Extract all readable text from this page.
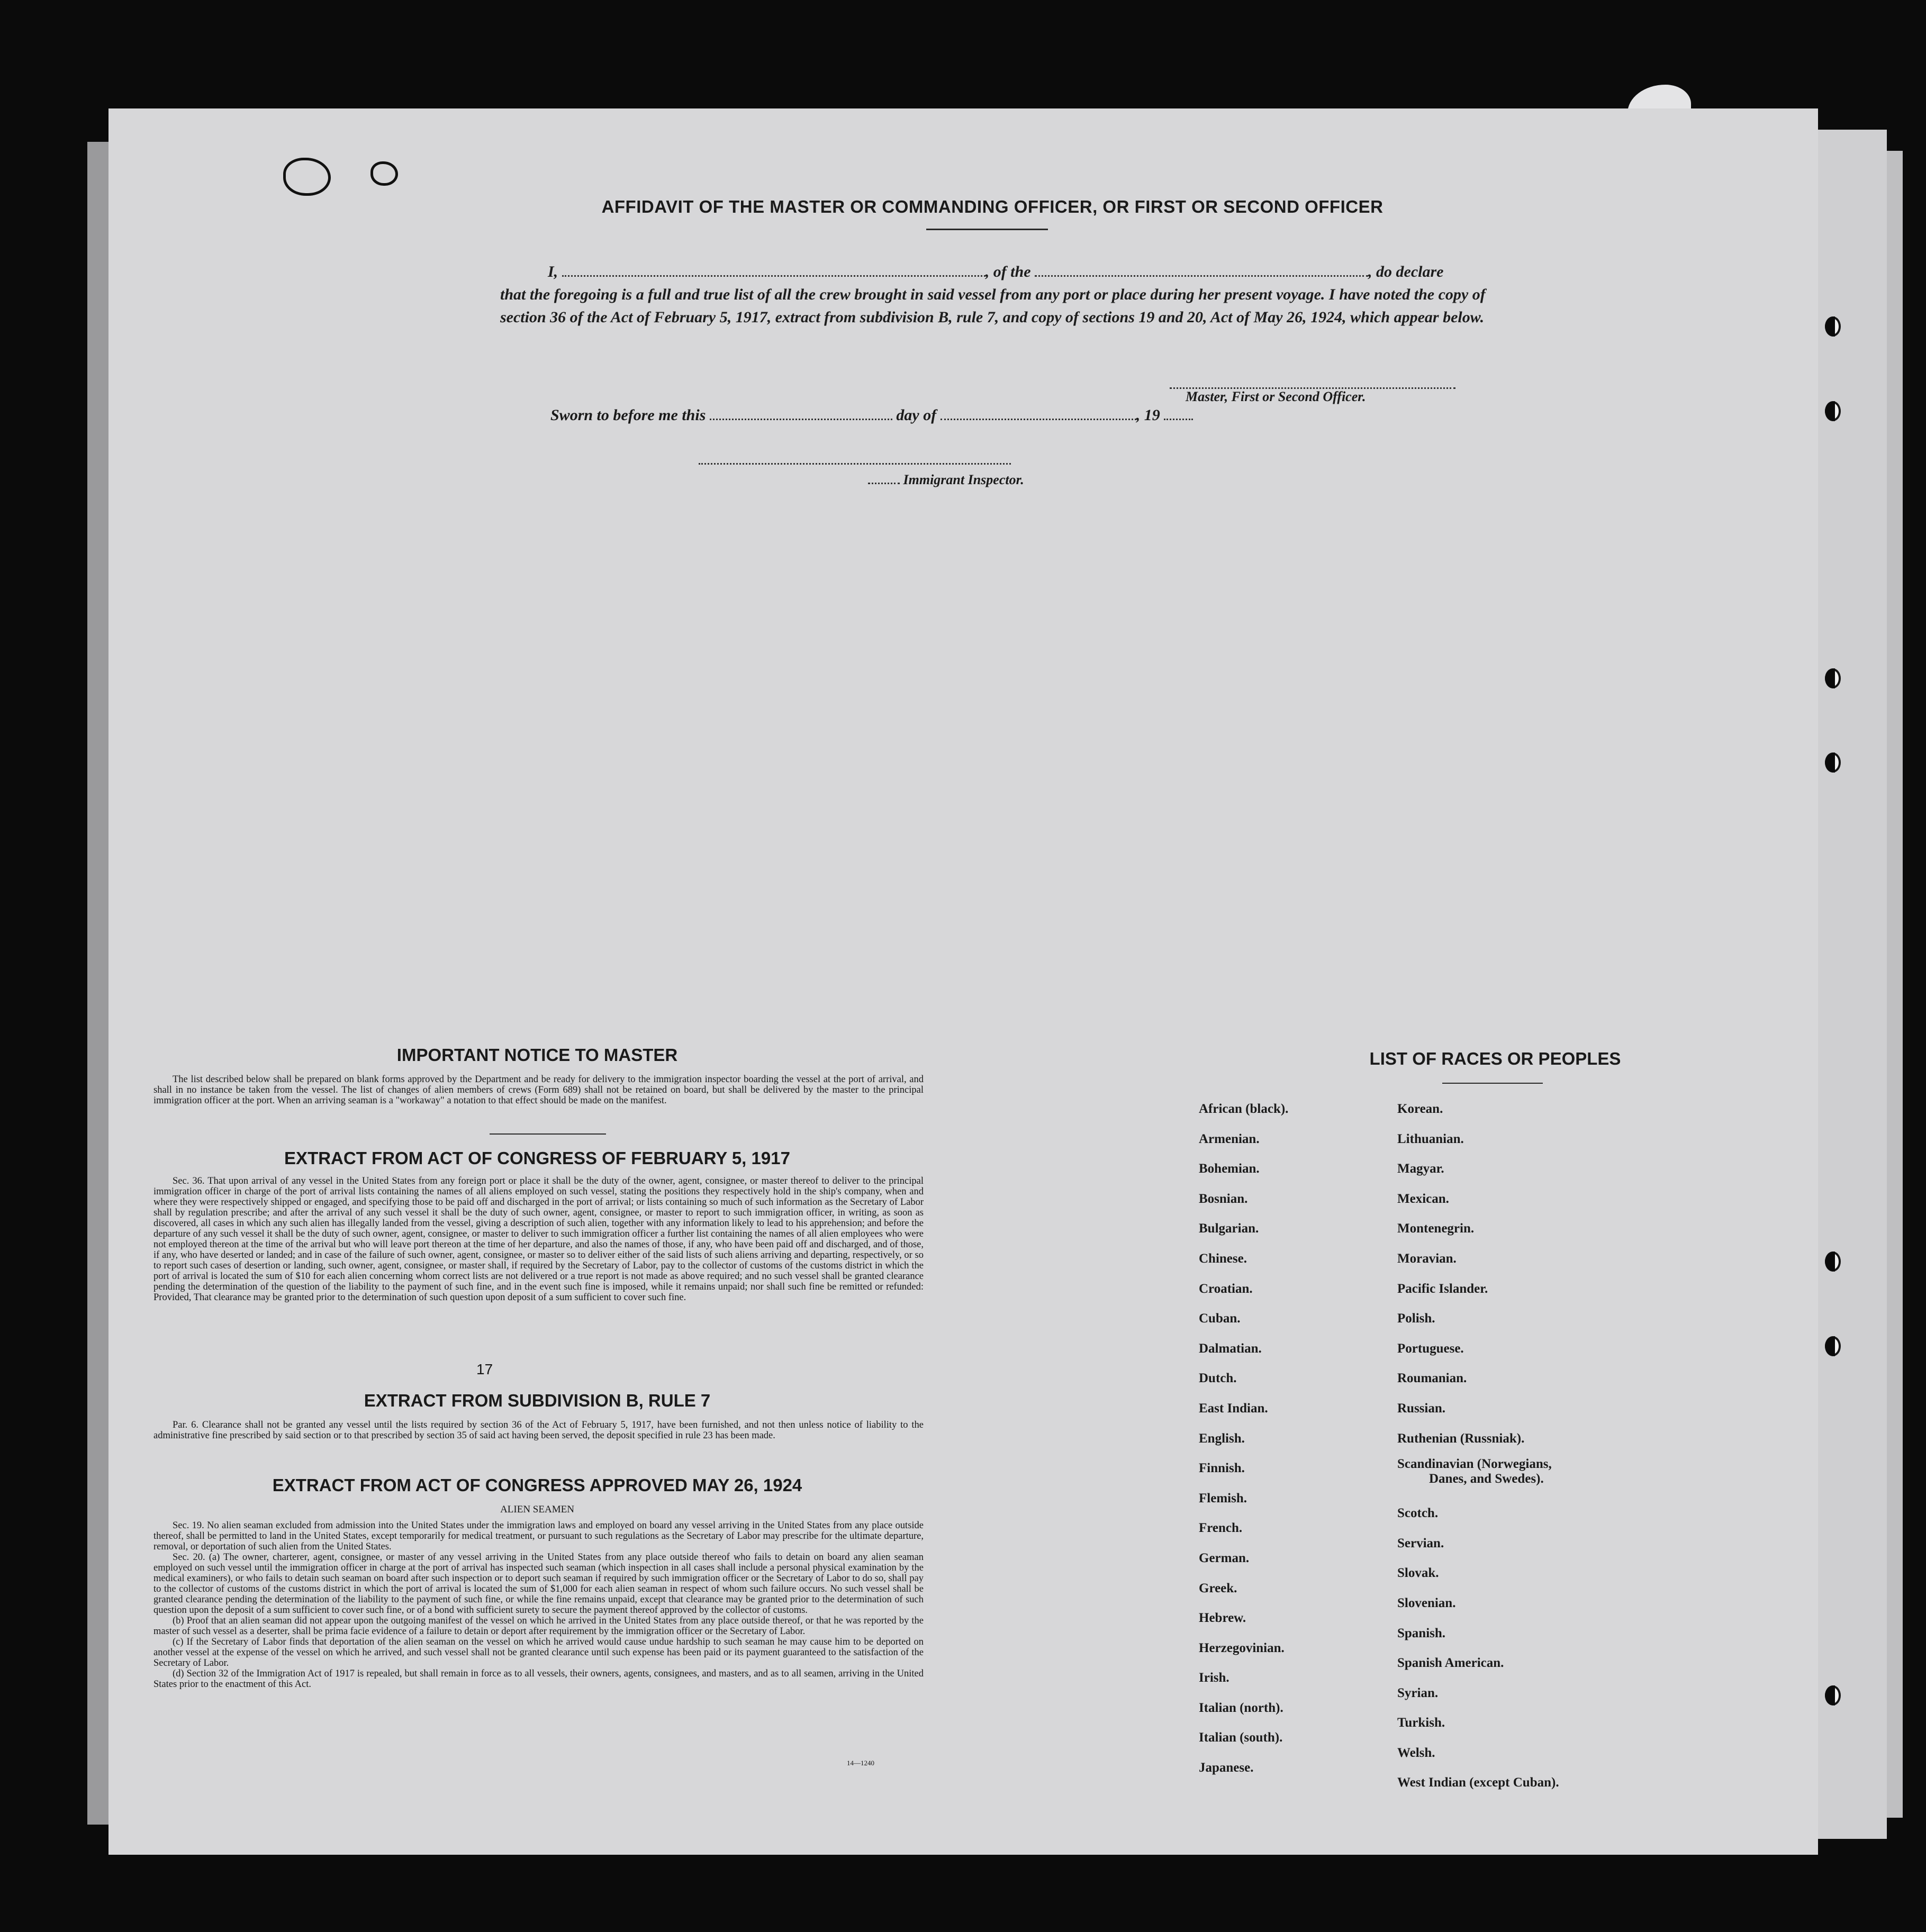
AFFIDAVIT OF THE MASTER OR COMMANDING OFFICER, OR FIRST OR SECOND OFFICER
I,	, of the	, do declare
that the foregoing is a full and true list of all the crew brought in said vessel from any port or place during her present voyage. I have noted the copy of section 36 of the Act of February 5, 1917, extract from subdivision B, rule 7, and copy of sections 19 and 20, Act of May 26, 1924, which appear below.
Master, First or Second Officer.
Sworn to before me this	day of	, 19
Immigrant Inspector.
IMPORTANT NOTICE TO MASTER

The list described below shall be prepared on blank forms approved by the Department and be ready for delivery to the immigration inspector boarding the vessel at the port of arrival, and shall in no instance be taken from the vessel. The list of changes of alien members of crews (Form 689) shall not be retained on board, but shall be delivered by the master to the principal immigration officer at the port. When an arriving seaman is a "workaway" a notation to that effect should be made on the manifest.

EXTRACT FROM ACT OF CONGRESS OF FEBRUARY 5, 1917

Sec. 36. That upon arrival of any vessel in the United States from any foreign port or place it shall be the duty of the owner, agent, consignee, or master thereof to deliver to the principal immigration officer in charge of the port of arrival lists containing the names of all aliens employed on such vessel, stating the positions they respectively hold in the ship's company, when and where they were respectively shipped or engaged, and specifying those to be paid off and discharged in the port of arrival; or lists containing so much of such information as the Secretary of Labor shall by regulation prescribe; and after the arrival of any such vessel it shall be the duty of such owner, agent, consignee, or master to report to such immigration officer, in writing, as soon as discovered, all cases in which any such alien has illegally landed from the vessel, giving a description of such alien, together with any information likely to lead to his apprehension; and before the departure of any such vessel it shall be the duty of such owner, agent, consignee, or master to deliver to such immigration officer a further list containing the names of all alien employees who were not employed thereon at the time of the arrival but who will leave port thereon at the time of her departure, and also the names of those, if any, who have been paid off and discharged, and of those, if any, who have deserted or landed; and in case of the failure of such owner, agent, consignee, or master so to deliver either of the said lists of such aliens arriving and departing, respectively, or so to report such cases of desertion or landing, such owner, agent, consignee, or master shall, if required by the Secretary of Labor, pay to the collector of customs of the customs district in which the port of arrival is located the sum of $10 for each alien concerning whom correct lists are not delivered or a true report is not made as above required; and no such vessel shall be granted clearance pending the determination of the question of the liability to the payment of such fine, and in the event such fine is imposed, while it remains unpaid; nor shall such fine be remitted or refunded: Provided, That clearance may be granted prior to the determination of such question upon deposit of a sum sufficient to cover such fine.

17
EXTRACT FROM SUBDIVISION B, RULE 7

Par. 6. Clearance shall not be granted any vessel until the lists required by section 36 of the Act of February 5, 1917, have been furnished, and not then unless notice of liability to the administrative fine prescribed by said section or to that prescribed by section 35 of said act having been served, the deposit specified in rule 23 has been made.

EXTRACT FROM ACT OF CONGRESS APPROVED MAY 26, 1924
ALIEN SEAMEN

Sec. 19. No alien seaman excluded from admission into the United States under the immigration laws and employed on board any vessel arriving in the United States from any place outside thereof, shall be permitted to land in the United States, except temporarily for medical treatment, or pursuant to such regulations as the Secretary of Labor may prescribe for the ultimate departure, removal, or deportation of such alien from the United States.

Sec. 20. (a) The owner, charterer, agent, consignee, or master of any vessel arriving in the United States from any place outside thereof who fails to detain on board any alien seaman employed on such vessel until the immigration officer in charge at the port of arrival has inspected such seaman (which inspection in all cases shall include a personal physical examination by the medical examiners), or who fails to detain such seaman on board after such inspection or to deport such seaman if required by such immigration officer or the Secretary of Labor to do so, shall pay to the collector of customs of the customs district in which the port of arrival is located the sum of $1,000 for each alien seaman in respect of whom such failure occurs. No such vessel shall be granted clearance pending the determination of the liability to the payment of such fine, or while the fine remains unpaid, except that clearance may be granted prior to the determination of such question upon the deposit of a sum sufficient to cover such fine, or of a bond with sufficient surety to secure the payment thereof approved by the collector of customs.

(b) Proof that an alien seaman did not appear upon the outgoing manifest of the vessel on which he arrived in the United States from any place outside thereof, or that he was reported by the master of such vessel as a deserter, shall be prima facie evidence of a failure to detain or deport after requirement by the immigration officer or the Secretary of Labor.

(c) If the Secretary of Labor finds that deportation of the alien seaman on the vessel on which he arrived would cause undue hardship to such seaman he may cause him to be deported on another vessel at the expense of the vessel on which he arrived, and such vessel shall not be granted clearance until such expense has been paid or its payment guaranteed to the satisfaction of the Secretary of Labor.

(d) Section 32 of the Immigration Act of 1917 is repealed, but shall remain in force as to all vessels, their owners, agents, consignees, and masters, and as to all seamen, arriving in the United States prior to the enactment of this Act.

14—1240
LIST OF RACES OR PEOPLES
African (black).
Armenian.
Bohemian.
Bosnian.
Bulgarian.
Chinese.
Croatian.
Cuban.
Dalmatian.
Dutch.
East Indian.
English.
Finnish.
Flemish.
French.
German.
Greek.
Hebrew.
Herzegovinian.
Irish.
Italian (north).
Italian (south).
Japanese.
Korean.
Lithuanian.
Magyar.
Mexican.
Montenegrin.
Moravian.
Pacific Islander.
Polish.
Portuguese.
Roumanian.
Russian.
Ruthenian (Russniak).
Scandinavian (Norwegians,
Danes, and Swedes).
Scotch.
Servian.
Slovak.
Slovenian.
Spanish.
Spanish American.
Syrian.
Turkish.
Welsh.
West Indian (except Cuban).
